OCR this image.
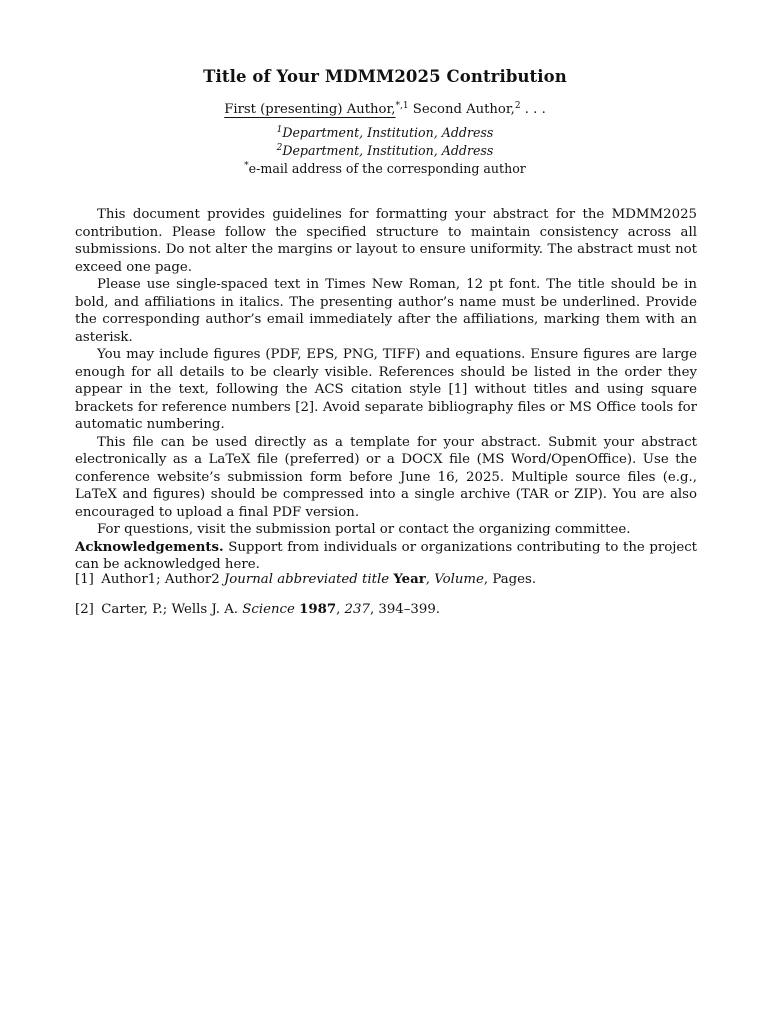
Title of Your MDMM2025 Contribution
First (presenting) Author,$^{*,1}$ Second Author,$^2$ . . .
$^1$Department, Institution, Address
$^2$Department, Institution, Address
*e-mail address of the corresponding author

This document provides guidelines for formatting your abstract for the MDMM2025 contribution. Please follow the specified structure to maintain consistency across all submissions. Do not alter the margins or layout to ensure uniformity. The abstract must not exceed one page.

Please use single-spaced text in Times New Roman, 12 pt font. The title should be in bold, and affiliations in italics. The presenting author’s name must be underlined. Provide the corresponding author’s email immediately after the affiliations, marking them with an asterisk.

You may include figures (PDF, EPS, PNG, TIFF) and equations. Ensure figures are large enough for all details to be clearly visible. References should be listed in the order they appear in the text, following the ACS citation style [1] without titles and using square brackets for reference numbers [2]. Avoid separate bibliography files or MS Office tools for automatic numbering.

This file can be used directly as a template for your abstract. Submit your abstract electronically as a LaTeX file (preferred) or a DOCX file (MS Word/OpenOffice). Use the conference website’s submission form before June 16, 2025. Multiple source files (e.g., LaTeX and figures) should be compressed into a single archive (TAR or ZIP). You are also encouraged to upload a final PDF version.

For questions, visit the submission portal or contact the organizing committee.

Acknowledgements. Support from individuals or organizations contributing to the project can be acknowledged here.

[1] Author1; Author2 Journal abbreviated title Year, Volume, Pages.
[2] Carter, P.; Wells J. A. Science 1987, 237, 394–399.
